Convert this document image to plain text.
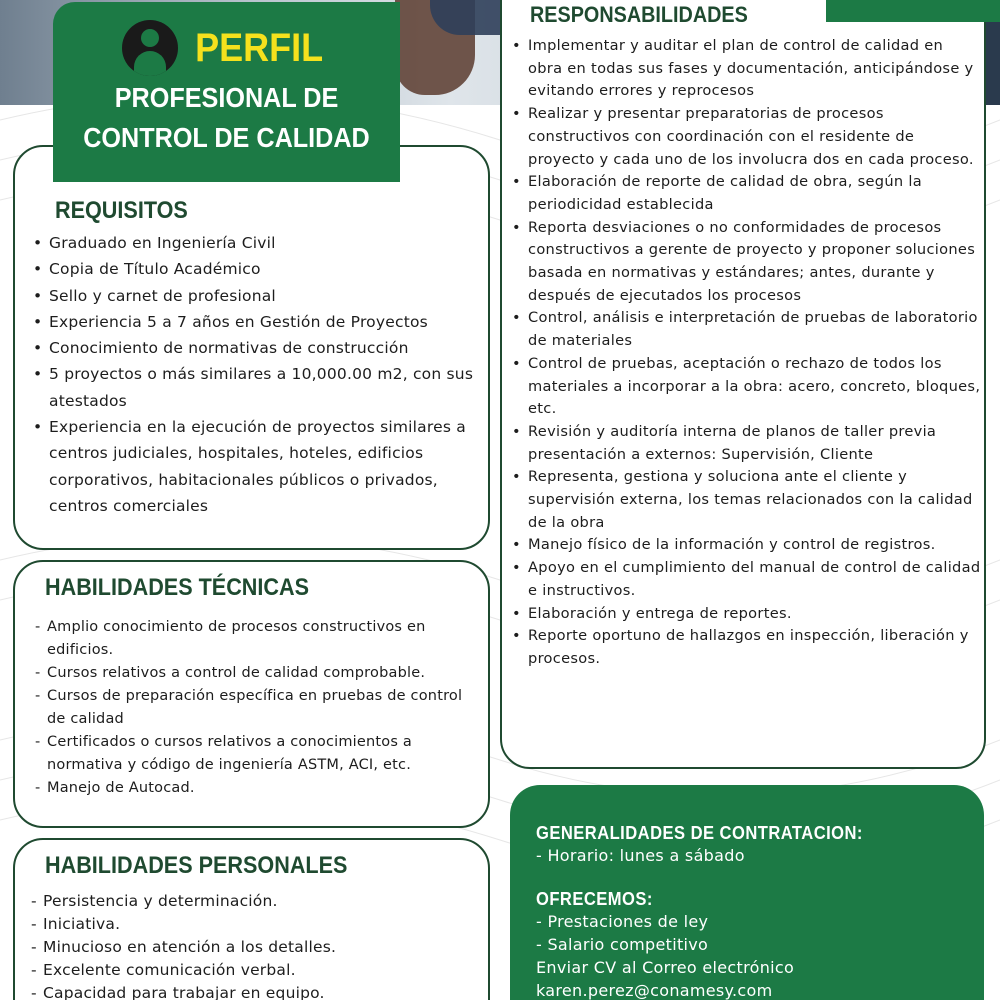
RESPONSABILIDADES
• Implementar y auditar el plan de control de calidad en obra en todas sus fases y documentación, anticipándose y evitando errores y reprocesos
• Realizar y presentar preparatorias de procesos constructivos con coordinación con el residente de proyecto y cada uno de los involucra dos en cada proceso.
• Elaboración de reporte de calidad de obra, según la periodicidad establecida
• Reporta desviaciones o no conformidades de procesos constructivos a gerente de proyecto y proponer soluciones basada en normativas y estándares; antes, durante y después de ejecutados los procesos
• Control, análisis e interpretación de pruebas de laboratorio de materiales
• Control de pruebas, aceptación o rechazo de todos los materiales a incorporar a la obra: acero, concreto, bloques, etc.
• Revisión y auditoría interna de planos de taller previa presentación a externos: Supervisión, Cliente
• Representa, gestiona y soluciona ante el cliente y supervisión externa, los temas relacionados con la calidad de la obra
• Manejo físico de la información y control de registros.
• Apoyo en el cumplimiento del manual de control de calidad e instructivos.
• Elaboración y entrega de reportes.
• Reporte oportuno de hallazgos en inspección, liberación y procesos.
REQUISITOS
• Graduado en Ingeniería Civil
• Copia de Título Académico
• Sello y carnet de profesional
• Experiencia 5 a 7 años en Gestión de Proyectos
• Conocimiento de normativas de construcción
• 5 proyectos o más similares a 10,000.00 m2, con sus atestados
• Experiencia en la ejecución de proyectos similares a centros judiciales, hospitales, hoteles, edificios corporativos, habitacionales públicos o privados, centros comerciales
HABILIDADES TÉCNICAS
- Amplio conocimiento de procesos constructivos en edificios.
- Cursos relativos a control de calidad comprobable.
- Cursos de preparación específica en pruebas de control de calidad
- Certificados o cursos relativos a conocimientos a normativa y código de ingeniería ASTM, ACI, etc.
- Manejo de Autocad.
HABILIDADES PERSONALES
- Persistencia y determinación.
- Iniciativa.
- Minucioso en atención a los detalles.
- Excelente comunicación verbal.
- Capacidad para trabajar en equipo.
GENERALIDADES DE CONTRATACION:
- Horario: lunes a sábado
OFRECEMOS:
- Prestaciones de ley
- Salario competitivo
Enviar CV al Correo electrónico
karen.perez@conamesy.com
PERFIL
PROFESIONAL DE
CONTROL DE CALIDAD
